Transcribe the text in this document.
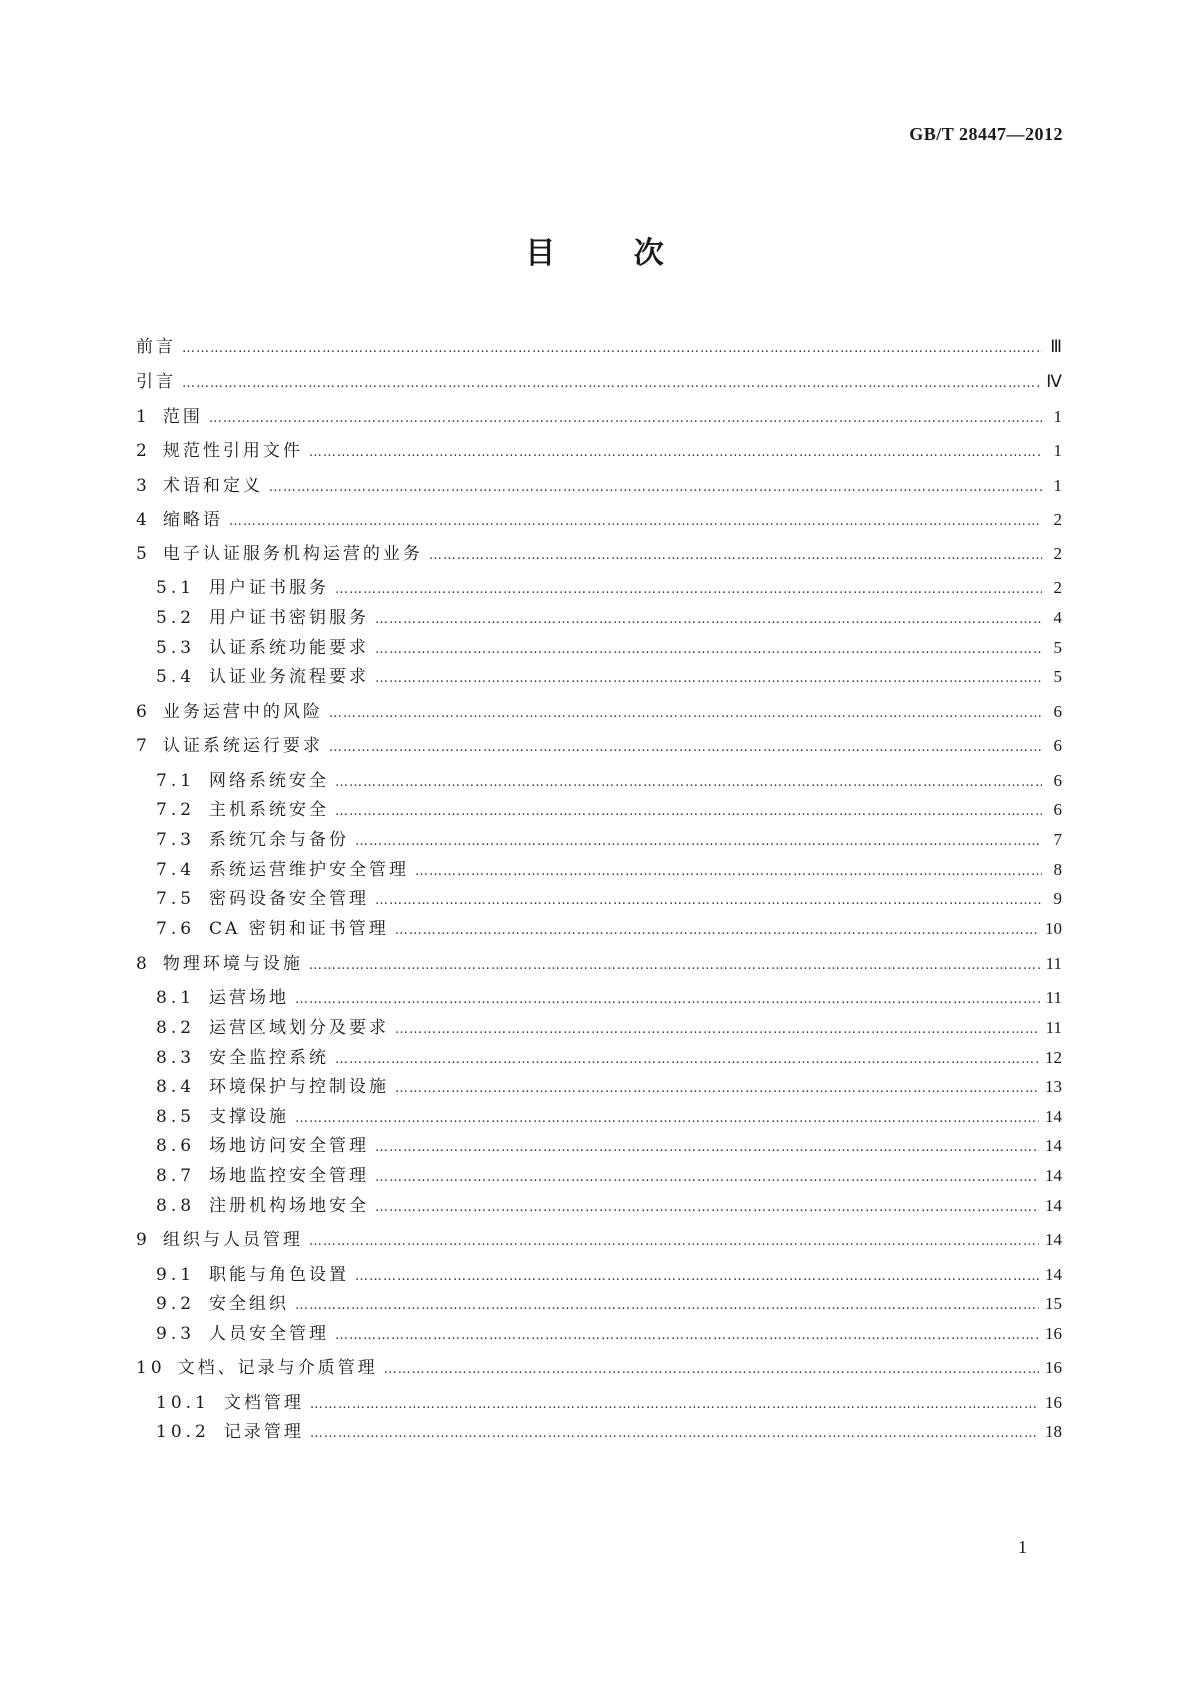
GB/T 28447—2012
目	次
前言 ……………………………………………………………………………………………………………………………………………………………………………………………………………………………………………………………………	Ⅲ
引言 ……………………………………………………………………………………………………………………………………………………………………………………………………………………………………………………………………	Ⅳ
1 范围 ……………………………………………………………………………………………………………………………………………………………………………………………………………………………………………………………………	1
2 规范性引用文件 ……………………………………………………………………………………………………………………………………………………………………………………………………………………………………………………………………	1
3 术语和定义 ……………………………………………………………………………………………………………………………………………………………………………………………………………………………………………………………………	1
4 缩略语 ……………………………………………………………………………………………………………………………………………………………………………………………………………………………………………………………………	2
5 电子认证服务机构运营的业务 ……………………………………………………………………………………………………………………………………………………………………………………………………………………………………………………………………	2
5.1 用户证书服务 ……………………………………………………………………………………………………………………………………………………………………………………………………………………………………………………………………	2
5.2 用户证书密钥服务 ……………………………………………………………………………………………………………………………………………………………………………………………………………………………………………………………………	4
5.3 认证系统功能要求 ……………………………………………………………………………………………………………………………………………………………………………………………………………………………………………………………………	5
5.4 认证业务流程要求 ……………………………………………………………………………………………………………………………………………………………………………………………………………………………………………………………………	5
6 业务运营中的风险 ……………………………………………………………………………………………………………………………………………………………………………………………………………………………………………………………………	6
7 认证系统运行要求 ……………………………………………………………………………………………………………………………………………………………………………………………………………………………………………………………………	6
7.1 网络系统安全 ……………………………………………………………………………………………………………………………………………………………………………………………………………………………………………………………………	6
7.2 主机系统安全 ……………………………………………………………………………………………………………………………………………………………………………………………………………………………………………………………………	6
7.3 系统冗余与备份 ……………………………………………………………………………………………………………………………………………………………………………………………………………………………………………………………………	7
7.4 系统运营维护安全管理 ……………………………………………………………………………………………………………………………………………………………………………………………………………………………………………………………………	8
7.5 密码设备安全管理 ……………………………………………………………………………………………………………………………………………………………………………………………………………………………………………………………………	9
7.6 CA 密钥和证书管理 ……………………………………………………………………………………………………………………………………………………………………………………………………………………………………………………………………	10
8 物理环境与设施 ……………………………………………………………………………………………………………………………………………………………………………………………………………………………………………………………………	11
8.1 运营场地 ……………………………………………………………………………………………………………………………………………………………………………………………………………………………………………………………………	11
8.2 运营区域划分及要求 ……………………………………………………………………………………………………………………………………………………………………………………………………………………………………………………………………	11
8.3 安全监控系统 ……………………………………………………………………………………………………………………………………………………………………………………………………………………………………………………………………	12
8.4 环境保护与控制设施 ……………………………………………………………………………………………………………………………………………………………………………………………………………………………………………………………………	13
8.5 支撑设施 ……………………………………………………………………………………………………………………………………………………………………………………………………………………………………………………………………	14
8.6 场地访问安全管理 ……………………………………………………………………………………………………………………………………………………………………………………………………………………………………………………………………	14
8.7 场地监控安全管理 ……………………………………………………………………………………………………………………………………………………………………………………………………………………………………………………………………	14
8.8 注册机构场地安全 ……………………………………………………………………………………………………………………………………………………………………………………………………………………………………………………………………	14
9 组织与人员管理 ……………………………………………………………………………………………………………………………………………………………………………………………………………………………………………………………………	14
9.1 职能与角色设置 ……………………………………………………………………………………………………………………………………………………………………………………………………………………………………………………………………	14
9.2 安全组织 ……………………………………………………………………………………………………………………………………………………………………………………………………………………………………………………………………	15
9.3 人员安全管理 ……………………………………………………………………………………………………………………………………………………………………………………………………………………………………………………………………	16
10 文档、记录与介质管理 ……………………………………………………………………………………………………………………………………………………………………………………………………………………………………………………………………	16
10.1 文档管理 ……………………………………………………………………………………………………………………………………………………………………………………………………………………………………………………………………	16
10.2 记录管理 ……………………………………………………………………………………………………………………………………………………………………………………………………………………………………………………………………	18
1
